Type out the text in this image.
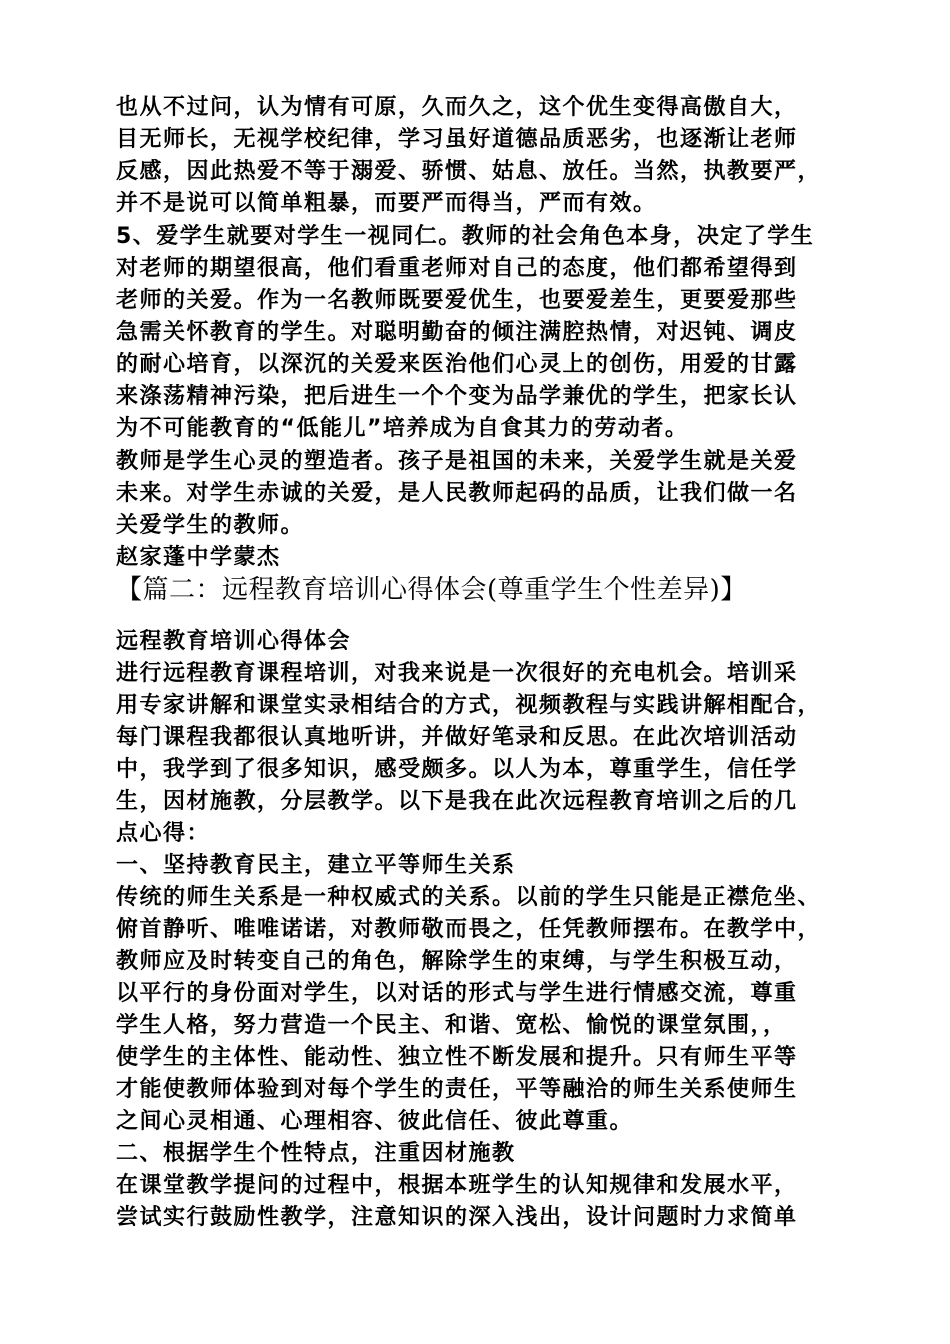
也从不过问，认为情有可原，久而久之，这个优生变得高傲自大，
目无师长，无视学校纪律，学习虽好道德品质恶劣，也逐渐让老师
反感，因此热爱不等于溺爱、骄惯、姑息、放任。当然，执教要严，
并不是说可以简单粗暴，而要严而得当，严而有效。
5、爱学生就要对学生一视同仁。教师的社会角色本身，决定了学生
对老师的期望很高，他们看重老师对自己的态度，他们都希望得到
老师的关爱。作为一名教师既要爱优生，也要爱差生，更要爱那些
急需关怀教育的学生。对聪明勤奋的倾注满腔热情，对迟钝、调皮
的耐心培育，以深沉的关爱来医治他们心灵上的创伤，用爱的甘露
来涤荡精神污染，把后进生一个个变为品学兼优的学生，把家长认
为不可能教育的“低能儿”培养成为自食其力的劳动者。
教师是学生心灵的塑造者。孩子是祖国的未来，关爱学生就是关爱
未来。对学生赤诚的关爱，是人民教师起码的品质，让我们做一名
关爱学生的教师。
赵家蓬中学蒙杰
【篇二：远程教育培训心得体会(尊重学生个性差异)】
远程教育培训心得体会
进行远程教育课程培训，对我来说是一次很好的充电机会。培训采
用专家讲解和课堂实录相结合的方式，视频教程与实践讲解相配合，
每门课程我都很认真地听讲，并做好笔录和反思。在此次培训活动
中，我学到了很多知识，感受颇多。以人为本，尊重学生，信任学
生，因材施教，分层教学。以下是我在此次远程教育培训之后的几
点心得：
一、坚持教育民主，建立平等师生关系
传统的师生关系是一种权威式的关系。以前的学生只能是正襟危坐、
俯首静听、唯唯诺诺，对教师敬而畏之，任凭教师摆布。在教学中，
教师应及时转变自己的角色，解除学生的束缚，与学生积极互动，
以平行的身份面对学生，以对话的形式与学生进行情感交流，尊重
学生人格，努力营造一个民主、和谐、宽松、愉悦的课堂氛围，，
使学生的主体性、能动性、独立性不断发展和提升。只有师生平等
才能使教师体验到对每个学生的责任，平等融洽的师生关系使师生
之间心灵相通、心理相容、彼此信任、彼此尊重。
二、根据学生个性特点，注重因材施教
在课堂教学提问的过程中，根据本班学生的认知规律和发展水平，
尝试实行鼓励性教学，注意知识的深入浅出，设计问题时力求简单
